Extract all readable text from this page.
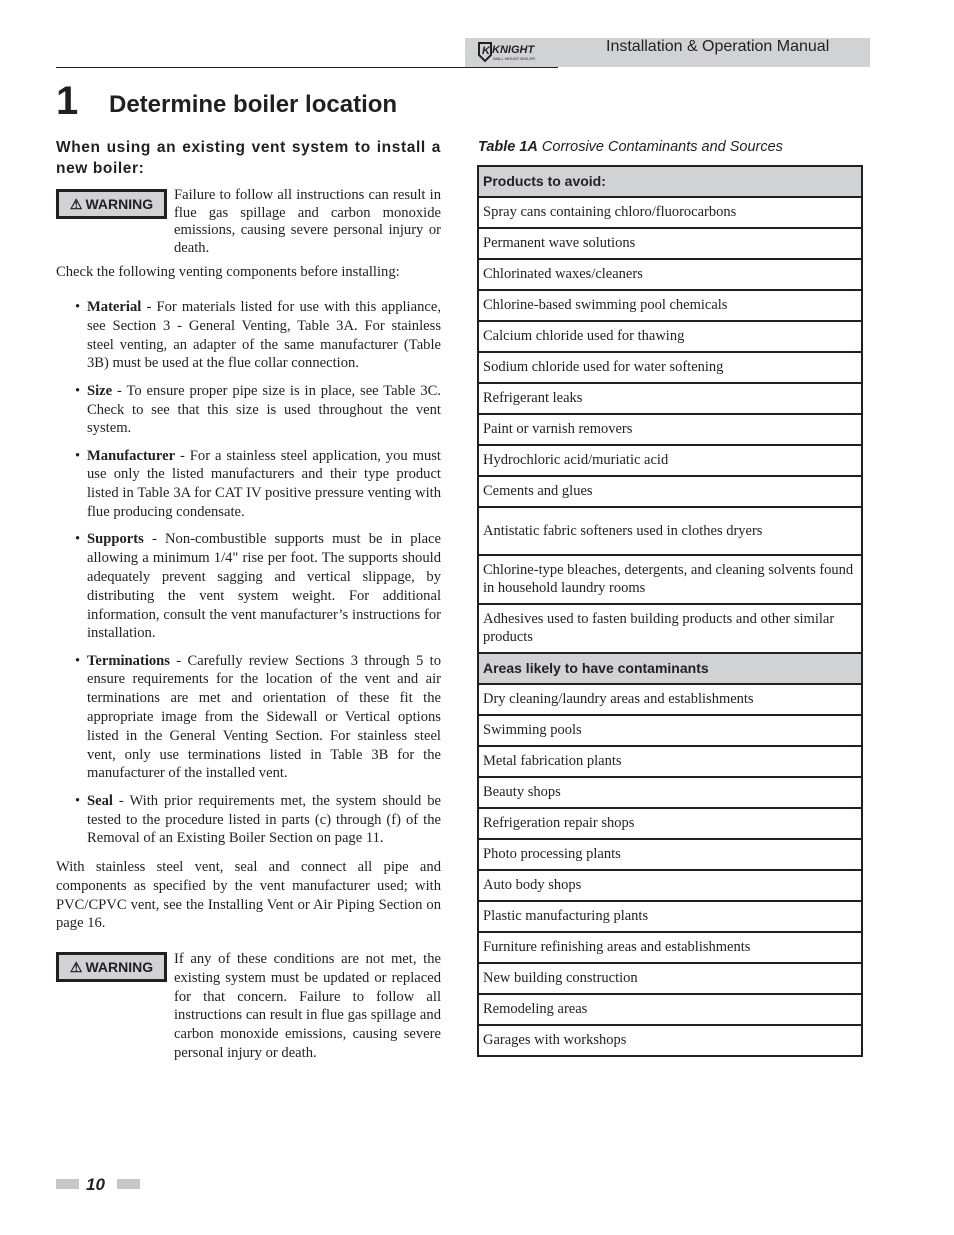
K KNIGHT
WALL MOUNT BOILER
Installation & Operation Manual
1 Determine boiler location
When using an existing vent system to install a new boiler:
⚠ WARNING
Failure to follow all instructions can result in flue gas spillage and carbon monoxide emissions, causing severe personal injury or death.
Check the following venting components before installing:
• Material - For materials listed for use with this appliance, see Section 3 - General Venting, Table 3A. For stainless steel venting, an adapter of the same manufacturer (Table 3B) must be used at the flue collar connection.
• Size - To ensure proper pipe size is in place, see Table 3C. Check to see that this size is used throughout the vent system.
• Manufacturer - For a stainless steel application, you must use only the listed manufacturers and their type product listed in Table 3A for CAT IV positive pressure venting with flue producing condensate.
• Supports - Non-combustible supports must be in place allowing a minimum 1/4" rise per foot. The supports should adequately prevent sagging and vertical slippage, by distributing the vent system weight. For additional information, consult the vent manufacturer’s instructions for installation.
• Terminations - Carefully review Sections 3 through 5 to ensure requirements for the location of the vent and air terminations are met and orientation of these fit the appropriate image from the Sidewall or Vertical options listed in the General Venting Section. For stainless steel vent, only use terminations listed in Table 3B for the manufacturer of the installed vent.
• Seal - With prior requirements met, the system should be tested to the procedure listed in parts (c) through (f) of the Removal of an Existing Boiler Section on page 11.
With stainless steel vent, seal and connect all pipe and components as specified by the vent manufacturer used; with PVC/CPVC vent, see the Installing Vent or Air Piping Section on page 16.
⚠ WARNING	If any of these conditions are not met, the existing system must be updated or replaced for that concern. Failure to follow all instructions can result in flue gas spillage and carbon monoxide emissions, causing severe personal injury or death.
Table 1A Corrosive Contaminants and Sources
Products to avoid:
Spray cans containing chloro/fluorocarbons
Permanent wave solutions
Chlorinated waxes/cleaners
Chlorine-based swimming pool chemicals
Calcium chloride used for thawing
Sodium chloride used for water softening
Refrigerant leaks
Paint or varnish removers
Hydrochloric acid/muriatic acid
Cements and glues
Antistatic fabric softeners used in clothes dryers
Chlorine-type bleaches, detergents, and cleaning solvents found in household laundry rooms
Adhesives used to fasten building products and other similar products
Areas likely to have contaminants
Dry cleaning/laundry areas and establishments
Swimming pools
Metal fabrication plants
Beauty shops
Refrigeration repair shops
Photo processing plants
Auto body shops
Plastic manufacturing plants
Furniture refinishing areas and establishments
New building construction
Remodeling areas
Garages with workshops
10
